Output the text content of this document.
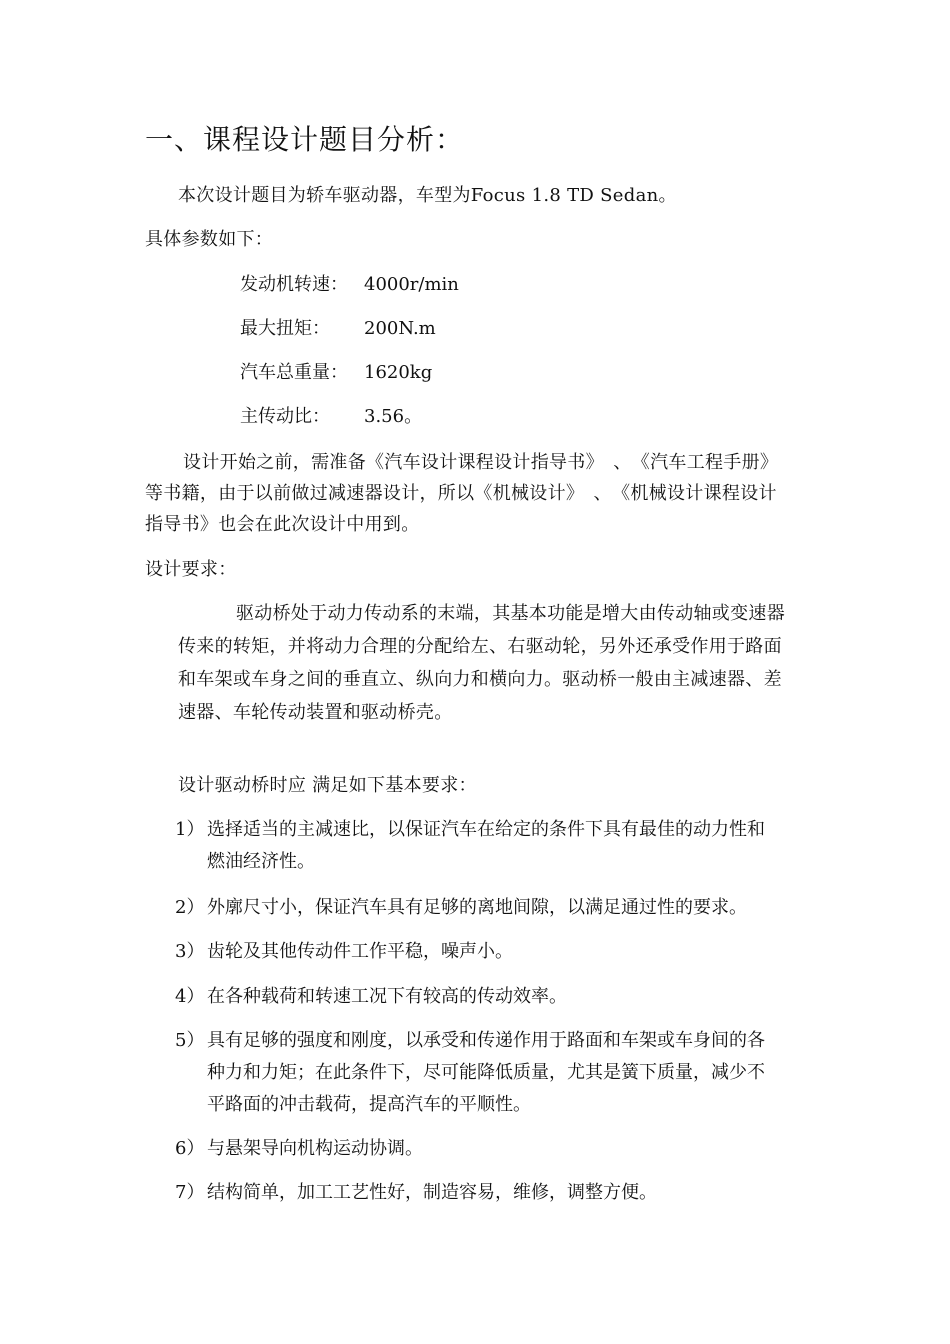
一、课程设计题目分析：

本次设计题目为轿车驱动器，车型为Focus 1.8 TD Sedan。

具体参数如下：

发动机转速： 4000r/min
最大扭矩： 200N.m
汽车总重量： 1620kg
主传动比： 3.56。

设计开始之前，需准备《汽车设计课程设计指导书》　、　《汽车工程手册》

等书籍，由于以前做过减速器设计，所以《机械设计》　、　《机械设计课程设计

指导书》也会在此次设计中用到。

设计要求：

驱动桥处于动力传动系的末端，其基本功能是增大由传动轴或变速器

传来的转矩，并将动力合理的分配给左、右驱动轮，另外还承受作用于路面

和车架或车身之间的垂直立、纵向力和横向力。驱动桥一般由主减速器、差

速器、车轮传动装置和驱动桥壳。

设计驱动桥时应 满足如下基本要求：

1） 选择适当的主减速比，以保证汽车在给定的条件下具有最佳的动力性和
燃油经济性。
2） 外廓尺寸小，保证汽车具有足够的离地间隙，以满足通过性的要求。
3） 齿轮及其他传动件工作平稳，噪声小。
4） 在各种载荷和转速工况下有较高的传动效率。
5） 具有足够的强度和刚度，以承受和传递作用于路面和车架或车身间的各
种力和力矩；在此条件下，尽可能降低质量，尤其是簧下质量，减少不
平路面的冲击载荷，提高汽车的平顺性。
6） 与悬架导向机构运动协调。
7） 结构简单，加工工艺性好，制造容易，维修，调整方便。
